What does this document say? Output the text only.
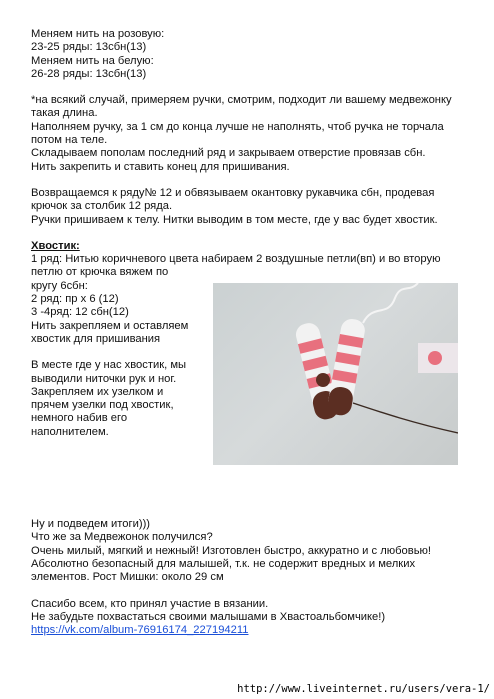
Меняем нить на розовую:

23-25 ряды: 13сбн(13)

Меняем нить на белую:

26-28 ряды: 13сбн(13)

*на всякий случай, примеряем ручки, смотрим, подходит ли вашему медвежонку такая длина.

Наполняем ручку, за 1 см до конца лучше не наполнять, чтоб ручка не торчала потом на теле.

Складываем пополам последний ряд и закрываем отверстие провязав сбн.

Нить закрепить и ставить конец для пришивания.

Возвращаемся к ряду№ 12 и обвязываем окантовку рукавчика сбн, продевая крючок за столбик 12 ряда.

Ручки пришиваем к телу. Нитки выводим в том месте, где у вас будет хвостик.

Хвостик:

1 ряд: Нитью коричневого цвета набираем 2 воздушные петли(вп) и во вторую

петлю от крючка вяжем по
кругу 6сбн:

2 ряд: пр х 6 (12)

3 -4ряд: 12 сбн(12)

Нить закрепляем и оставляем
хвостик для пришивания

В месте где у нас хвостик, мы
выводили ниточки рук и ног.
Закрепляем их узелком и
прячем узелки под хвостик,
немного набив его
наполнителем.

Ну и подведем итоги)))

Что же за Медвежонок получился?

Очень милый, мягкий и нежный! Изготовлен быстро, аккуратно и с любовью!

Абсолютно безопасный для малышей, т.к. не содержит вредных и мелких элементов. Рост Мишки: около 29 см

Спасибо всем, кто принял участие в вязании.

Не забудьте похвастаться своими малышами в Хвастоальбомчике!)

https://vk.com/album-76916174_227194211

http://www.liveinternet.ru/users/vera-1/
